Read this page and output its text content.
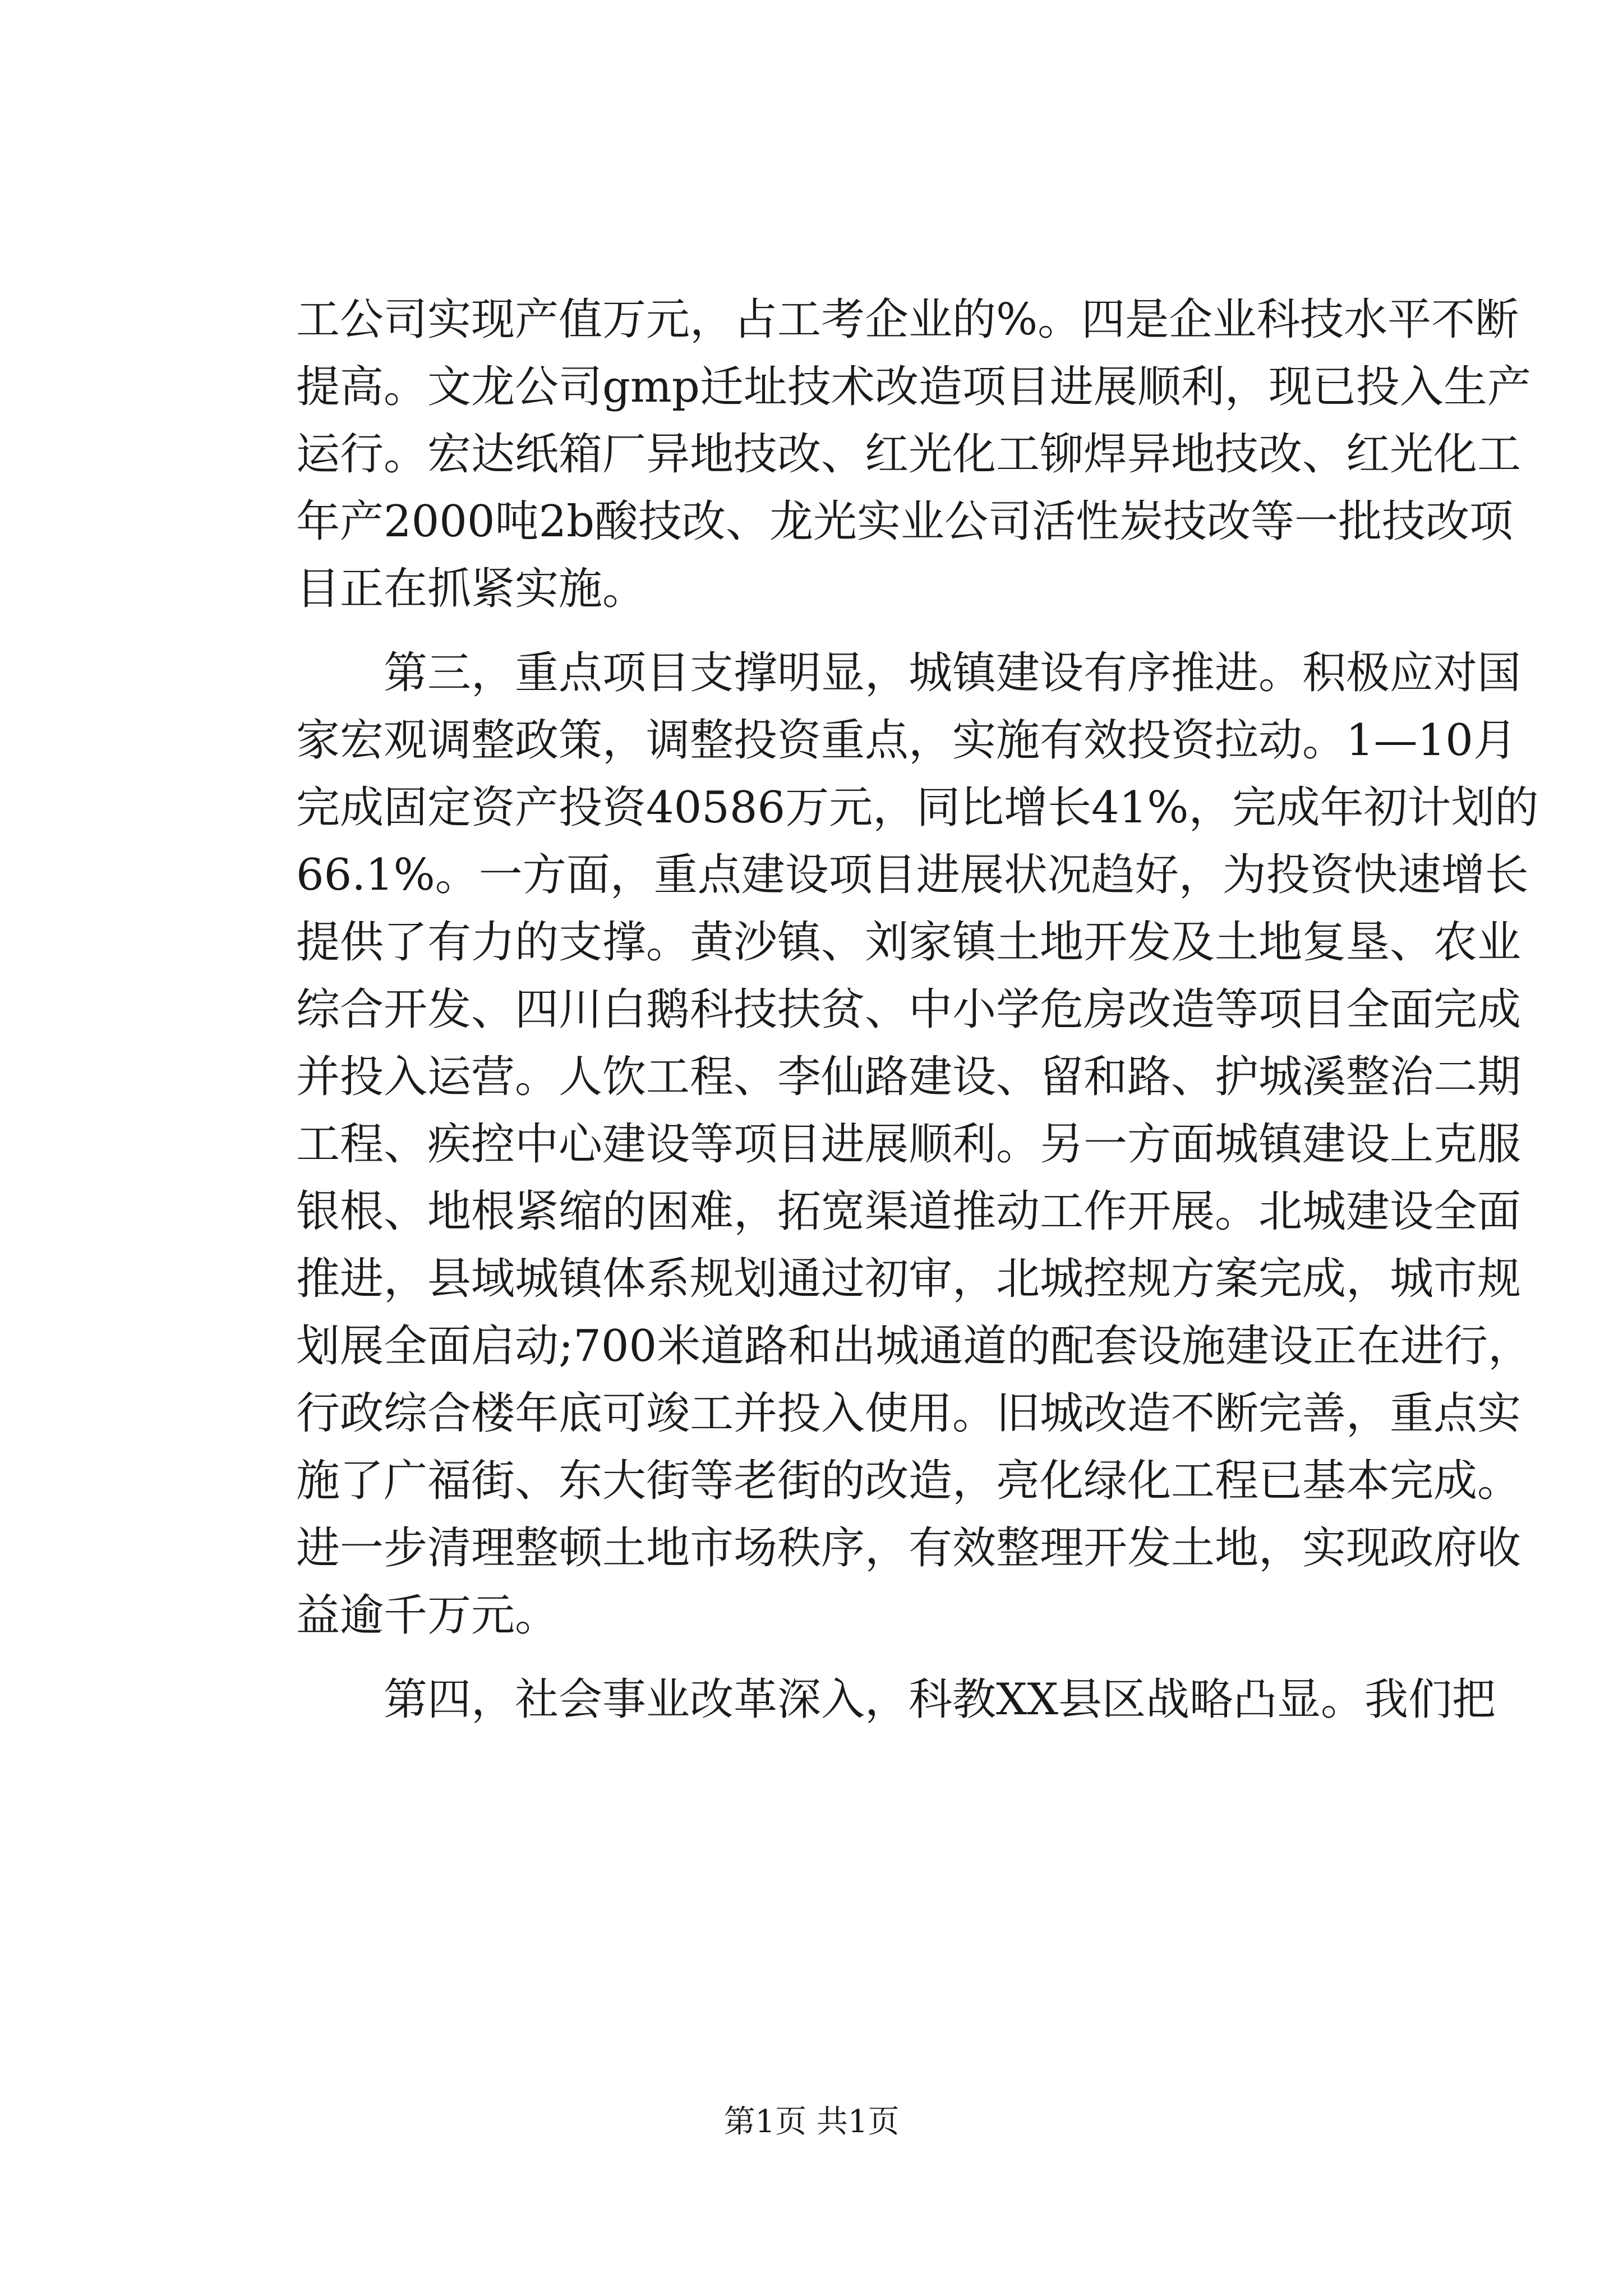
工公司实现产值万元，占工考企业的%。四是企业科技水平不断
提高。文龙公司gmp迁址技术改造项目进展顺利，现已投入生产
运行。宏达纸箱厂异地技改、红光化工铆焊异地技改、红光化工
年产2000吨2b酸技改、龙光实业公司活性炭技改等一批技改项
目正在抓紧实施。
第三，重点项目支撑明显，城镇建设有序推进。积极应对国
家宏观调整政策，调整投资重点，实施有效投资拉动。1—10月
完成固定资产投资40586万元，同比增长41%，完成年初计划的
66.1%。一方面，重点建设项目进展状况趋好，为投资快速增长
提供了有力的支撑。黄沙镇、刘家镇土地开发及土地复垦、农业
综合开发、四川白鹅科技扶贫、中小学危房改造等项目全面完成
并投入运营。人饮工程、李仙路建设、留和路、护城溪整治二期
工程、疾控中心建设等项目进展顺利。另一方面城镇建设上克服
银根、地根紧缩的困难，拓宽渠道推动工作开展。北城建设全面
推进，县域城镇体系规划通过初审，北城控规方案完成，城市规
划展全面启动;700米道路和出城通道的配套设施建设正在进行，
行政综合楼年底可竣工并投入使用。旧城改造不断完善，重点实
施了广福街、东大街等老街的改造，亮化绿化工程已基本完成。
进一步清理整顿土地市场秩序，有效整理开发土地，实现政府收
益逾千万元。
第四，社会事业改革深入，科教XX县区战略凸显。我们把
第1页 共1页
